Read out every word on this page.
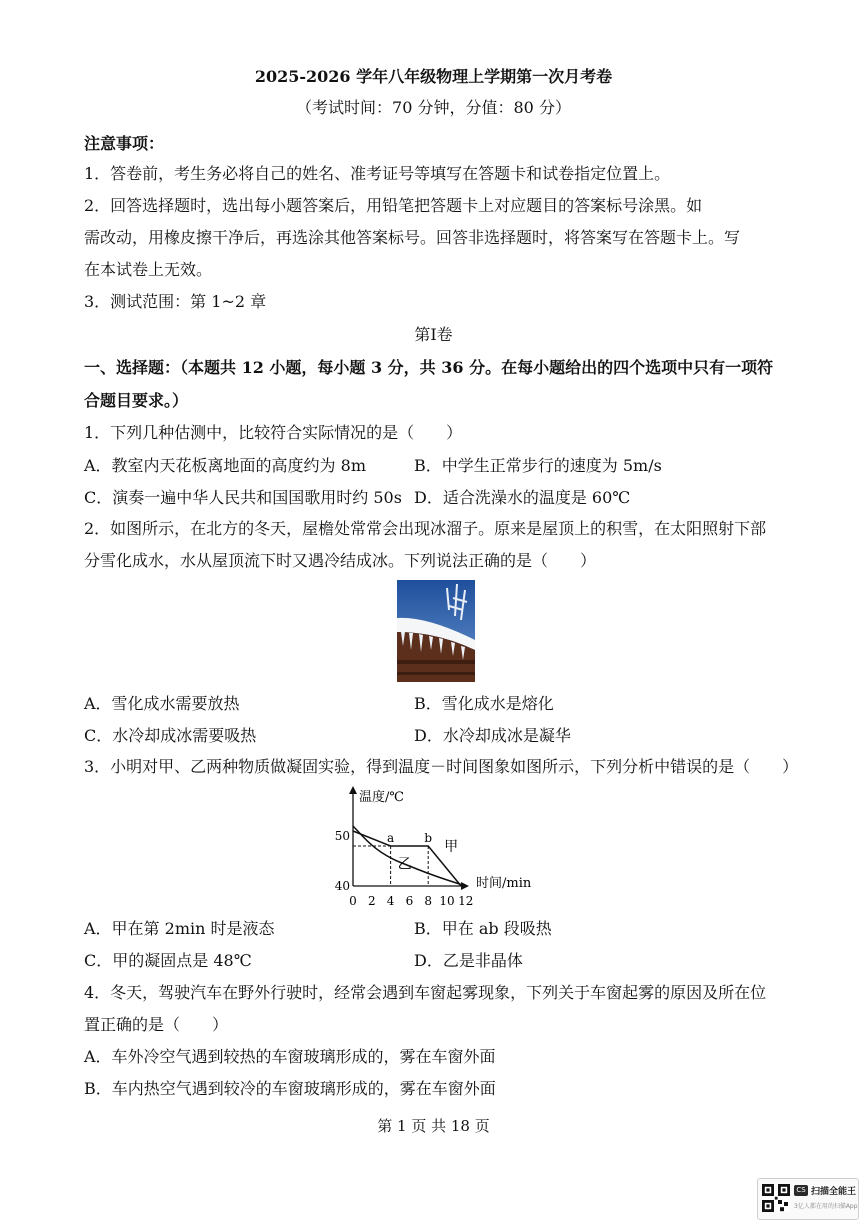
2025-2026 学年八年级物理上学期第一次月考卷
（考试时间：70 分钟，分值：80 分）
注意事项：
1．答卷前，考生务必将自己的姓名、准考证号等填写在答题卡和试卷指定位置上。
2．回答选择题时，选出每小题答案后，用铅笔把答题卡上对应题目的答案标号涂黑。如
需改动，用橡皮擦干净后，再选涂其他答案标号。回答非选择题时，将答案写在答题卡上。写
在本试卷上无效。
3．测试范围：第 1~2 章
第Ⅰ卷
一、选择题：（本题共 12 小题，每小题 3 分，共 36 分。在每小题给出的四个选项中只有一项符
合题目要求。）
1．下列几种估测中，比较符合实际情况的是（　　）
A．教室内天花板离地面的高度约为 8m	B．中学生正常步行的速度为 5m/s
C．演奏一遍中华人民共和国国歌用时约 50s D．适合洗澡水的温度是 60℃
2．如图所示，在北方的冬天，屋檐处常常会出现冰溜子。原来是屋顶上的积雪，在太阳照射下部
分雪化成水，水从屋顶流下时又遇冷结成冰。下列说法正确的是（　　）
A．雪化成水需要放热	B．雪化成水是熔化
C．水冷却成冰需要吸热	D．水冷却成冰是凝华
3．小明对甲、乙两种物质做凝固实验，得到温度－时间图象如图所示，下列分析中错误的是（　　）
温度/℃
时间/min
0 2 4 6 8 10 12
50
40
a	b
甲
乙
A．甲在第 2min 时是液态	B．甲在 ab 段吸热
C．甲的凝固点是 48℃	D．乙是非晶体
4．冬天，驾驶汽车在野外行驶时，经常会遇到车窗起雾现象，下列关于车窗起雾的原因及所在位
置正确的是（　　）
A．车外冷空气遇到较热的车窗玻璃形成的，雾在车窗外面
B．车内热空气遇到较冷的车窗玻璃形成的，雾在车窗外面
第 1 页 共 18 页
CS 扫描全能王
3亿人都在用的扫描App
